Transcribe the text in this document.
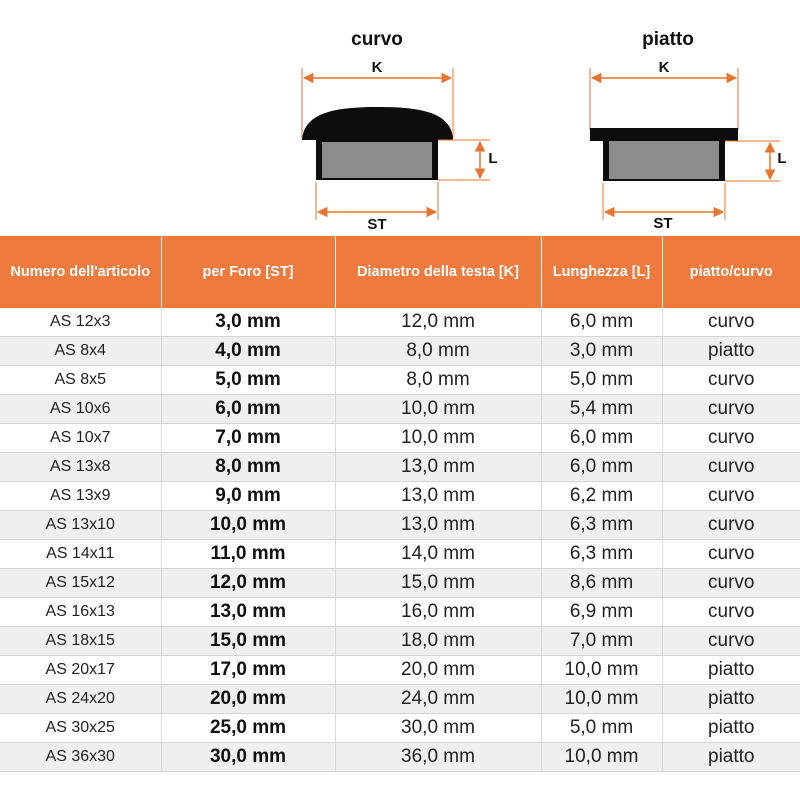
curvo
K
L
ST
piatto
K
L
ST
Numero dell'articolo	per Foro [ST]	Diametro della testa [K]	Lunghezza [L]	piatto/curvo
AS 12x3	3,0 mm	12,0 mm	6,0 mm	curvo
AS 8x4	4,0 mm	8,0 mm	3,0 mm	piatto
AS 8x5	5,0 mm	8,0 mm	5,0 mm	curvo
AS 10x6	6,0 mm	10,0 mm	5,4 mm	curvo
AS 10x7	7,0 mm	10,0 mm	6,0 mm	curvo
AS 13x8	8,0 mm	13,0 mm	6,0 mm	curvo
AS 13x9	9,0 mm	13,0 mm	6,2 mm	curvo
AS 13x10	10,0 mm	13,0 mm	6,3 mm	curvo
AS 14x11	11,0 mm	14,0 mm	6,3 mm	curvo
AS 15x12	12,0 mm	15,0 mm	8,6 mm	curvo
AS 16x13	13,0 mm	16,0 mm	6,9 mm	curvo
AS 18x15	15,0 mm	18,0 mm	7,0 mm	curvo
AS 20x17	17,0 mm	20,0 mm	10,0 mm	piatto
AS 24x20	20,0 mm	24,0 mm	10,0 mm	piatto
AS 30x25	25,0 mm	30,0 mm	5,0 mm	piatto
AS 36x30	30,0 mm	36,0 mm	10,0 mm	piatto
